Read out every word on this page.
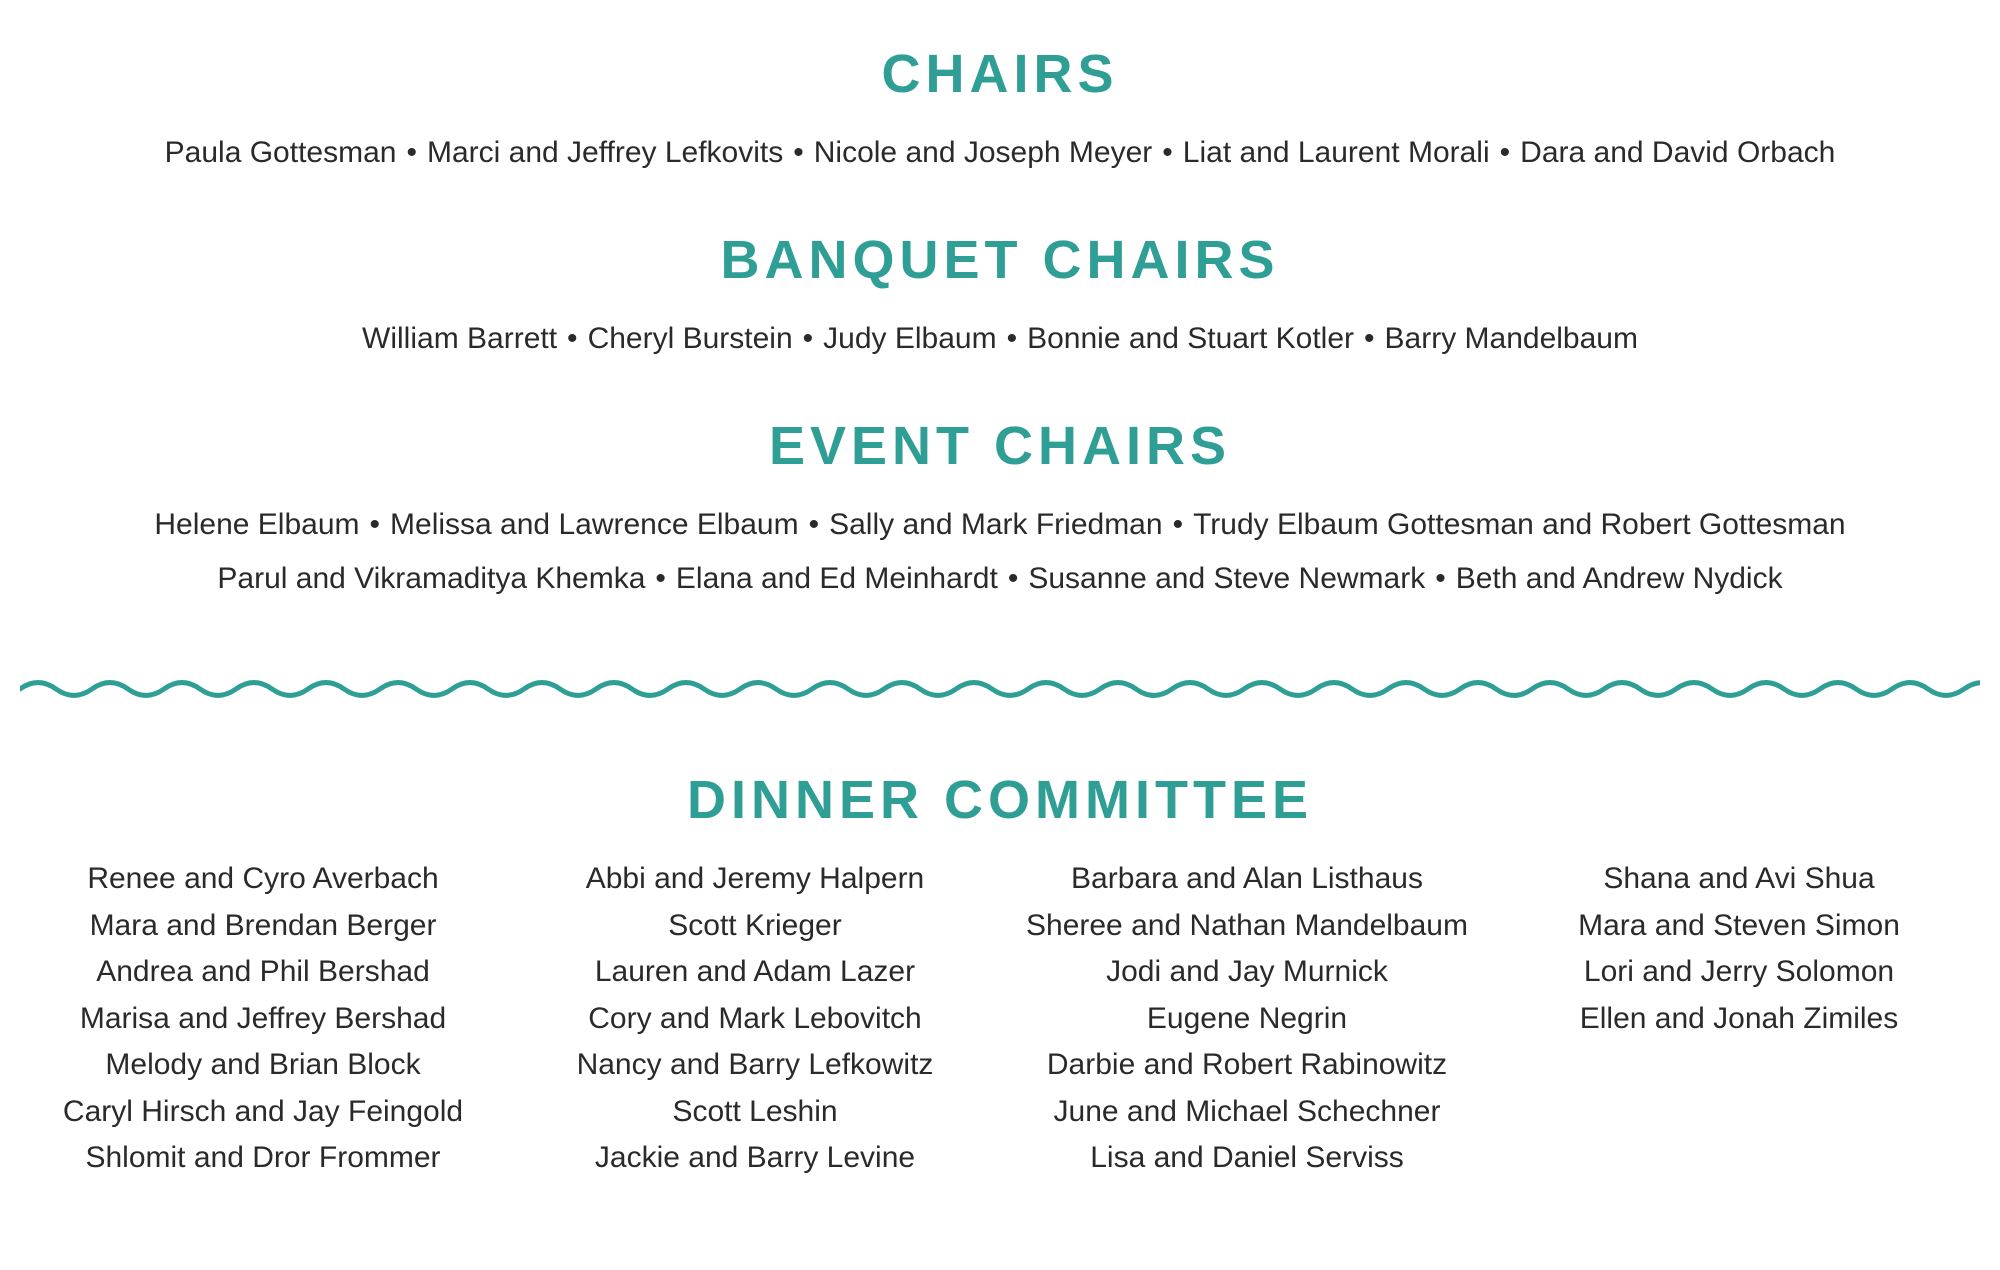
CHAIRS

Paula Gottesman • Marci and Jeffrey Lefkovits • Nicole and Joseph Meyer • Liat and Laurent Morali • Dara and David Orbach

BANQUET CHAIRS

William Barrett • Cheryl Burstein • Judy Elbaum • Bonnie and Stuart Kotler • Barry Mandelbaum

EVENT CHAIRS

Helene Elbaum • Melissa and Lawrence Elbaum • Sally and Mark Friedman • Trudy Elbaum Gottesman and Robert Gottesman

Parul and Vikramaditya Khemka • Elana and Ed Meinhardt • Susanne and Steve Newmark • Beth and Andrew Nydick

DINNER COMMITTEE
Renee and Cyro Averbach
Mara and Brendan Berger
Andrea and Phil Bershad
Marisa and Jeffrey Bershad
Melody and Brian Block
Caryl Hirsch and Jay Feingold
Shlomit and Dror Frommer
Abbi and Jeremy Halpern
Scott Krieger
Lauren and Adam Lazer
Cory and Mark Lebovitch
Nancy and Barry Lefkowitz
Scott Leshin
Jackie and Barry Levine
Barbara and Alan Listhaus
Sheree and Nathan Mandelbaum
Jodi and Jay Murnick
Eugene Negrin
Darbie and Robert Rabinowitz
June and Michael Schechner
Lisa and Daniel Serviss
Shana and Avi Shua
Mara and Steven Simon
Lori and Jerry Solomon
Ellen and Jonah Zimiles
